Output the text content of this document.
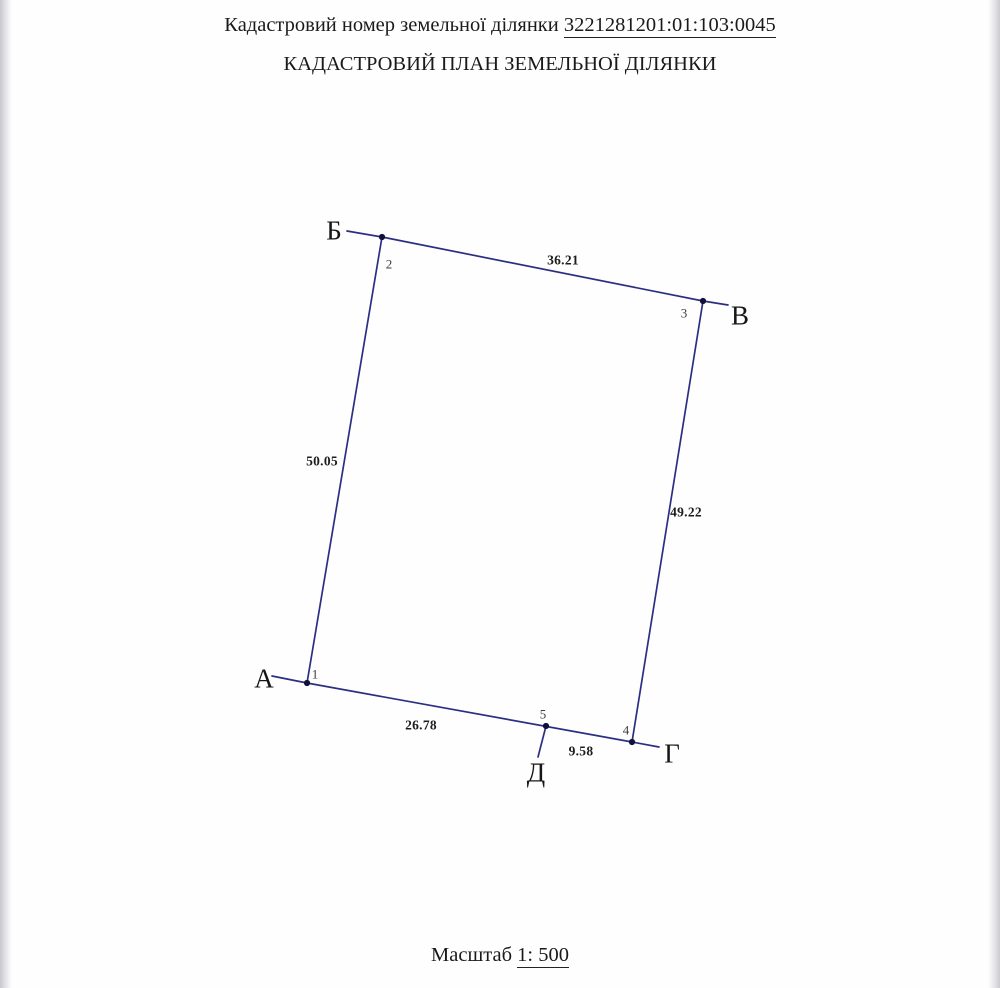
Кадастровий номер земельної ділянки 3221281201:01:103:0045
КАДАСТРОВИЙ ПЛАН ЗЕМЕЛЬНОЇ ДІЛЯНКИ
Б
В
Г
Д
А	1
2
3
4
5
36.21
49.22
9.58
26.78
50.05
Масштаб 1: 500
